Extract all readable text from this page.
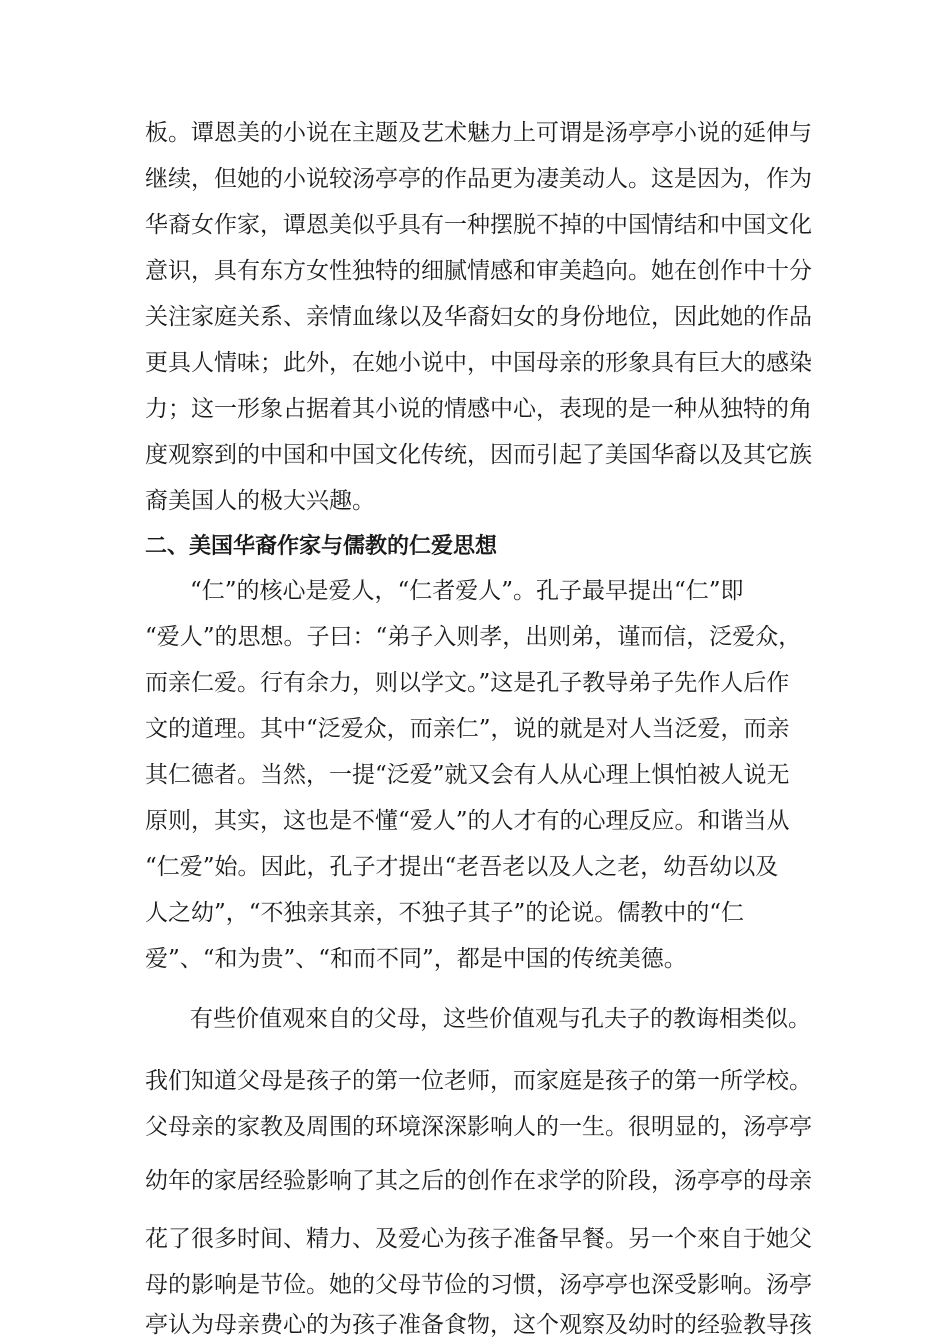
板。谭恩美的小说在主题及艺术魅力上可谓是汤亭亭小说的延伸与
继续，但她的小说较汤亭亭的作品更为凄美动人。这是因为，作为
华裔女作家，谭恩美似乎具有一种摆脱不掉的中国情结和中国文化
意识，具有东方女性独特的细腻情感和审美趋向。她在创作中十分
关注家庭关系、亲情血缘以及华裔妇女的身份地位，因此她的作品
更具人情味；此外，在她小说中，中国母亲的形象具有巨大的感染
力；这一形象占据着其小说的情感中心，表现的是一种从独特的角
度观察到的中国和中国文化传统，因而引起了美国华裔以及其它族
裔美国人的极大兴趣。
二、美国华裔作家与儒教的仁爱思想
“仁”的核心是爱人，“仁者爱人”。孔子最早提出“仁”即
“爱人”的思想。子曰：“弟子入则孝，出则弟，谨而信，泛爱众，
而亲仁爱。行有余力，则以学文。”这是孔子教导弟子先作人后作
文的道理。其中“泛爱众，而亲仁”，说的就是对人当泛爱，而亲
其仁德者。当然，一提“泛爱”就又会有人从心理上惧怕被人说无
原则，其实，这也是不懂“爱人”的人才有的心理反应。和谐当从
“仁爱”始。因此，孔子才提出“老吾老以及人之老，幼吾幼以及
人之幼”，“不独亲其亲，不独子其子”的论说。儒教中的“仁
爱”、“和为贵”、“和而不同”，都是中国的传统美德。
有些价值观來自的父母，这些价值观与孔夫子的教诲相类似。
我们知道父母是孩子的第一位老师，而家庭是孩子的第一所学校。
父母亲的家教及周围的环境深深影响人的一生。很明显的，汤亭亭
幼年的家居经验影响了其之后的创作在求学的阶段，汤亭亭的母亲
花了很多时间、精力、及爱心为孩子准备早餐。另一个來自于她父
母的影响是节俭。她的父母节俭的习惯，汤亭亭也深受影响。汤亭
亭认为母亲费心的为孩子准备食物，这个观察及幼时的经验教导孩
